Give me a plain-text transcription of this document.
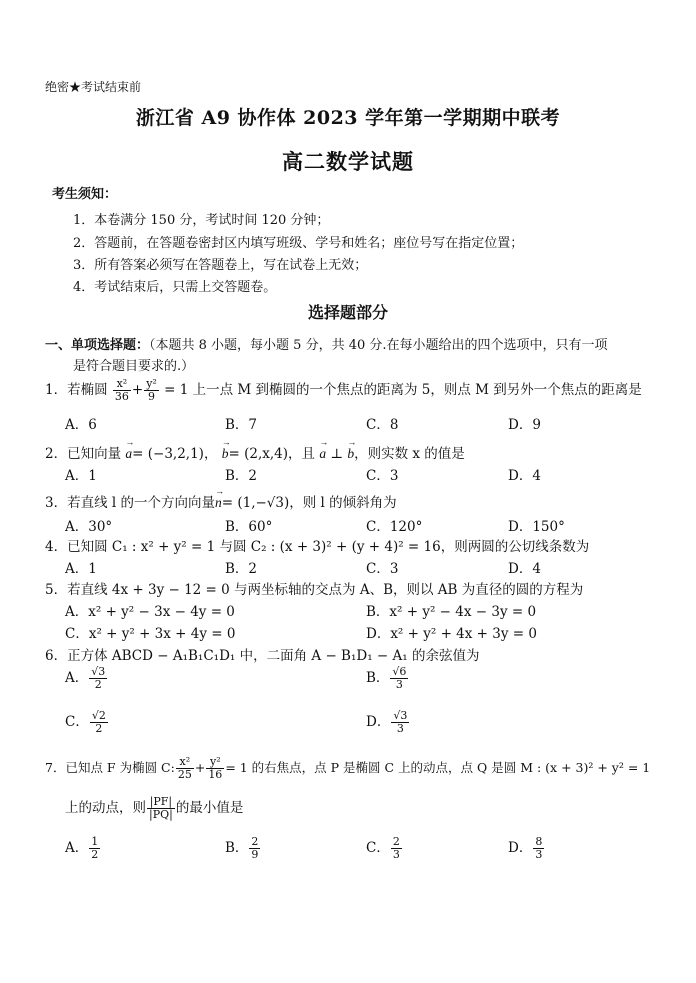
绝密★考试结束前
浙江省 A9 协作体 2023 学年第一学期期中联考
高二数学试题
考生须知：
1．本卷满分 150 分，考试时间 120 分钟；
2．答题前，在答题卷密封区内填写班级、学号和姓名；座位号写在指定位置；
3．所有答案必须写在答题卷上，写在试卷上无效；
4．考试结束后，只需上交答题卷。
选择题部分
一、单项选择题：（本题共 8 小题，每小题 5 分，共 40 分.在每小题给出的四个选项中，只有一项
是符合题目要求的.）
1．若椭圆 $\frac{\text{x²}}{36} + \frac{\text{y²}}{9} = 1$ 上一点 M 到椭圆的一个焦点的距离为 5，则点 M 到另外一个焦点的距离是
A．6	B．7	C．8	D．9
2．已知向量 → a= (−3,2,1)， → b= (2,x,4)，且 → a ⊥ → b，则实数 x 的值是
A．1	B．2	C．3	D．4
3．若直线 l 的一个方向向量→ n= (1,−√3)，则 l 的倾斜角为
A．30°	B．60°	C．120°	D．150°
4．已知圆 C₁ : x² + y² = 1 与圆 C₂ : (x + 3)² + (y + 4)² = 16，则两圆的公切线条数为
A．1	B．2	C．3	D．4
5．若直线 4x + 3y − 12 = 0 与两坐标轴的交点为 A、B，则以 AB 为直径的圆的方程为
A．x² + y² − 3x − 4y = 0	B．x² + y² − 4x − 3y = 0
C．x² + y² + 3x + 4y = 0	D．x² + y² + 4x + 3y = 0
6．正方体 ABCD − A₁B₁C₁D₁ 中，二面角 A − B₁D₁ − A₁ 的余弦值为
A． $\frac{√3}{2}$	B． $\frac{√6}{3}$
C． $\frac{√2}{2}$	D． $\frac{√3}{3}$
7．已知点 F 为椭圆 C: $\frac{\text{x²}}{25} + \frac{\text{y²}}{16} = 1$ 的右焦点，点 P 是椭圆 C 上的动点，点 Q 是圆 M : (x + 3)² + y² = 1
上的动点，则 $\frac{|PF|}{|PQ|}$ 的最小值是
A． $\frac{1}{2}$	B． $\frac{2}{9}$	C． $\frac{2}{3}$	D． $\frac{8}{3}$
